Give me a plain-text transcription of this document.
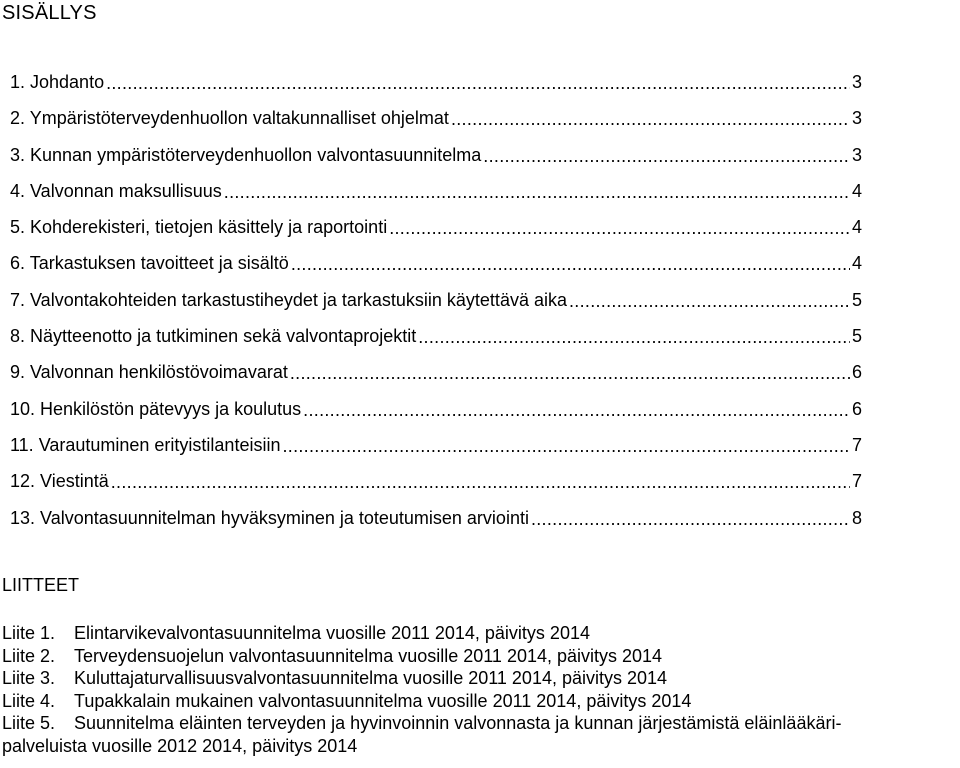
SISÄLLYS
1. Johdanto .....	3
2. Ympäristöterveydenhuollon valtakunnalliset ohjelmat .....	3
3. Kunnan ympäristöterveydenhuollon valvontasuunnitelma .....	3
4. Valvonnan maksullisuus .....	4
5. Kohderekisteri, tietojen käsittely ja raportointi .....	4
6. Tarkastuksen tavoitteet ja sisältö .....	4
7. Valvontakohteiden tarkastustiheydet ja tarkastuksiin käytettävä aika .....	5
8. Näytteenotto ja tutkiminen sekä valvontaprojektit .....	5
9. Valvonnan henkilöstövoimavarat .....	6
10. Henkilöstön pätevyys ja koulutus .....	6
11. Varautuminen erityistilanteisiin .....	7
12. Viestintä .....	7
13. Valvontasuunnitelman hyväksyminen ja toteutumisen arviointi .....	8
LIITTEET
Liite 1.	Elintarvikevalvontasuunnitelma vuosille 2011 2014, päivitys 2014
Liite 2.	Terveydensuojelun valvontasuunnitelma vuosille 2011 2014, päivitys 2014
Liite 3.	Kuluttajaturvallisuusvalvontasuunnitelma vuosille 2011 2014, päivitys 2014
Liite 4.	Tupakkalain mukainen valvontasuunnitelma vuosille 2011 2014, päivitys 2014
Liite 5.	Suunnitelma eläinten terveyden ja hyvinvoinnin valvonnasta ja kunnan järjestämistä eläinlääkäri-
palveluista vuosille 2012 2014, päivitys 2014
